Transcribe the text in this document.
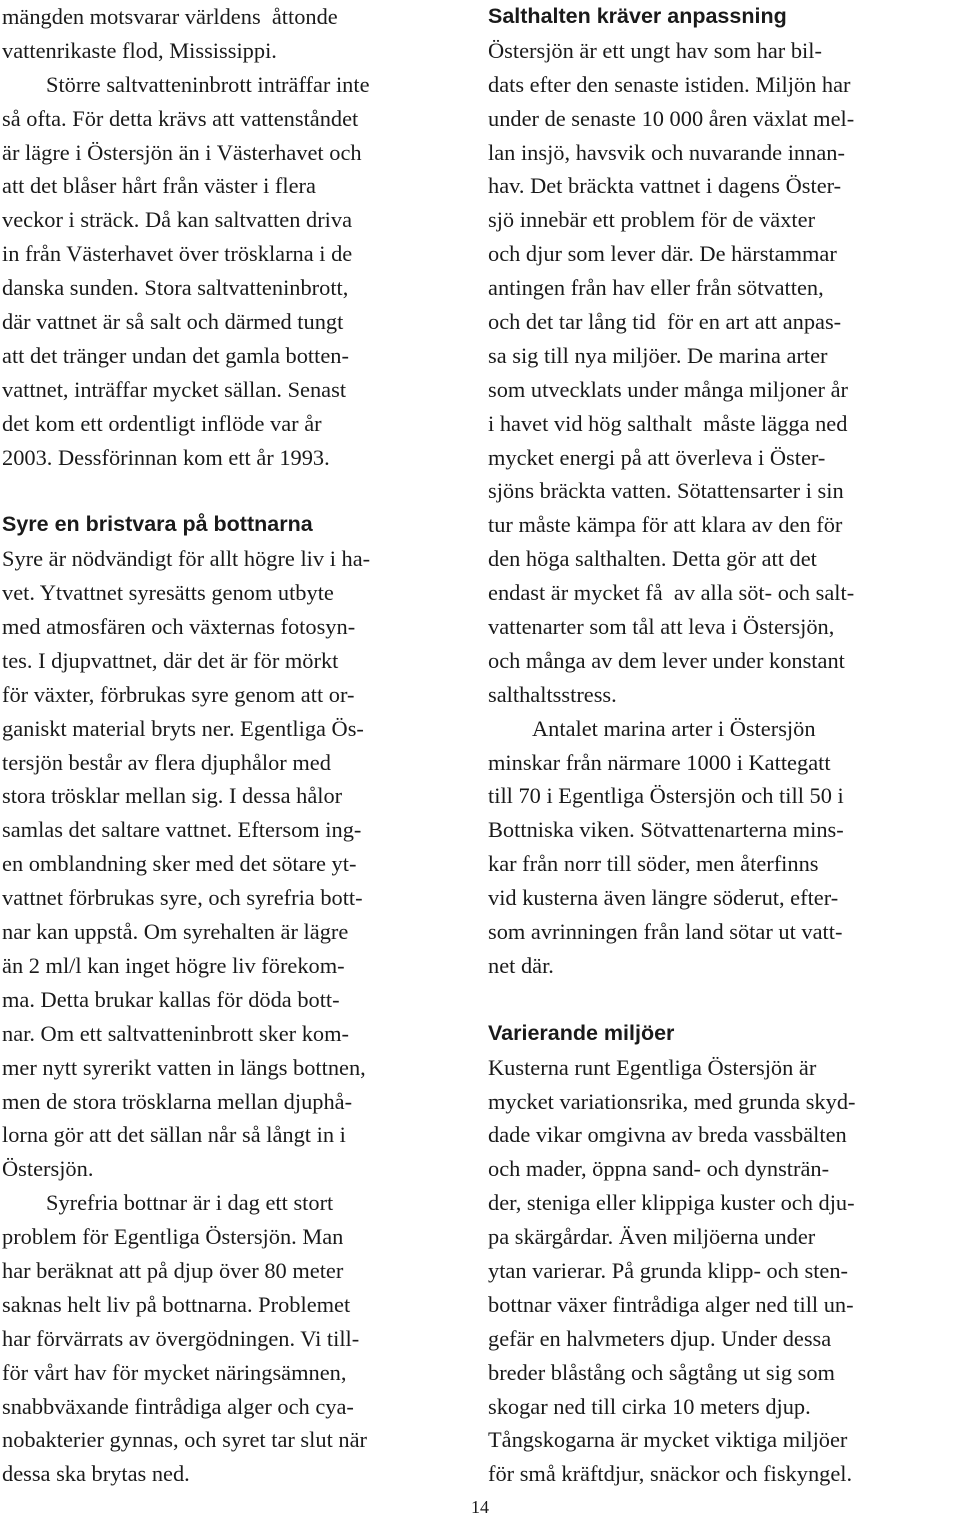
mängden motsvarar världens  åttonde
vattenrikaste flod, Mississippi.
Större saltvatteninbrott inträffar inte
så ofta. För detta krävs att vattenståndet
är lägre i Östersjön än i Västerhavet och
att det blåser hårt från väster i flera
veckor i sträck. Då kan saltvatten driva
in från Västerhavet över trösklarna i de
danska sunden. Stora saltvatteninbrott,
där vattnet är så salt och därmed tungt
att det tränger undan det gamla botten-
vattnet, inträffar mycket sällan. Senast
det kom ett ordentligt inflöde var år
2003. Dessförinnan kom ett år 1993.
Syre en bristvara på bottnarna
Syre är nödvändigt för allt högre liv i ha-
vet. Ytvattnet syresätts genom utbyte
med atmosfären och växternas fotosyn-
tes. I djupvattnet, där det är för mörkt
för växter, förbrukas syre genom att or-
ganiskt material bryts ner. Egentliga Ös-
tersjön består av flera djuphålor med
stora trösklar mellan sig. I dessa hålor
samlas det saltare vattnet. Eftersom ing-
en omblandning sker med det sötare yt-
vattnet förbrukas syre, och syrefria bott-
nar kan uppstå. Om syrehalten är lägre
än 2 ml/l kan inget högre liv förekom-
ma. Detta brukar kallas för döda bott-
nar. Om ett saltvatteninbrott sker kom-
mer nytt syrerikt vatten in längs bottnen,
men de stora trösklarna mellan djuphå-
lorna gör att det sällan når så långt in i
Östersjön.
Syrefria bottnar är i dag ett stort
problem för Egentliga Östersjön. Man
har beräknat att på djup över 80 meter
saknas helt liv på bottnarna. Problemet
har förvärrats av övergödningen. Vi till-
för vårt hav för mycket näringsämnen,
snabbväxande fintrådiga alger och cya-
nobakterier gynnas, och syret tar slut när
dessa ska brytas ned.
Salthalten kräver anpassning
Östersjön är ett ungt hav som har bil-
dats efter den senaste istiden. Miljön har
under de senaste 10 000 åren växlat mel-
lan insjö, havsvik och nuvarande innan-
hav. Det bräckta vattnet i dagens Öster-
sjö innebär ett problem för de växter
och djur som lever där. De härstammar
antingen från hav eller från sötvatten,
och det tar lång tid  för en art att anpas-
sa sig till nya miljöer. De marina arter
som utvecklats under många miljoner år
i havet vid hög salthalt  måste lägga ned
mycket energi på att överleva i Öster-
sjöns bräckta vatten. Sötattensarter i sin
tur måste kämpa för att klara av den för
den höga salthalten. Detta gör att det
endast är mycket få  av alla söt- och salt-
vattenarter som tål att leva i Östersjön,
och många av dem lever under konstant
salthaltsstress.
Antalet marina arter i Östersjön
minskar från närmare 1000 i Kattegatt
till 70 i Egentliga Östersjön och till 50 i
Bottniska viken. Sötvattenarterna mins-
kar från norr till söder, men återfinns
vid kusterna även längre söderut, efter-
som avrinningen från land sötar ut vatt-
net där.
Varierande miljöer
Kusterna runt Egentliga Östersjön är
mycket variationsrika, med grunda skyd-
dade vikar omgivna av breda vassbälten
och mader, öppna sand- och dynsträn-
der, steniga eller klippiga kuster och dju-
pa skärgårdar. Även miljöerna under
ytan varierar. På grunda klipp- och sten-
bottnar växer fintrådiga alger ned till un-
gefär en halvmeters djup. Under dessa
breder blåstång och sågtång ut sig som
skogar ned till cirka 10 meters djup.
Tångskogarna är mycket viktiga miljöer
för små kräftdjur, snäckor och fiskyngel.
14
